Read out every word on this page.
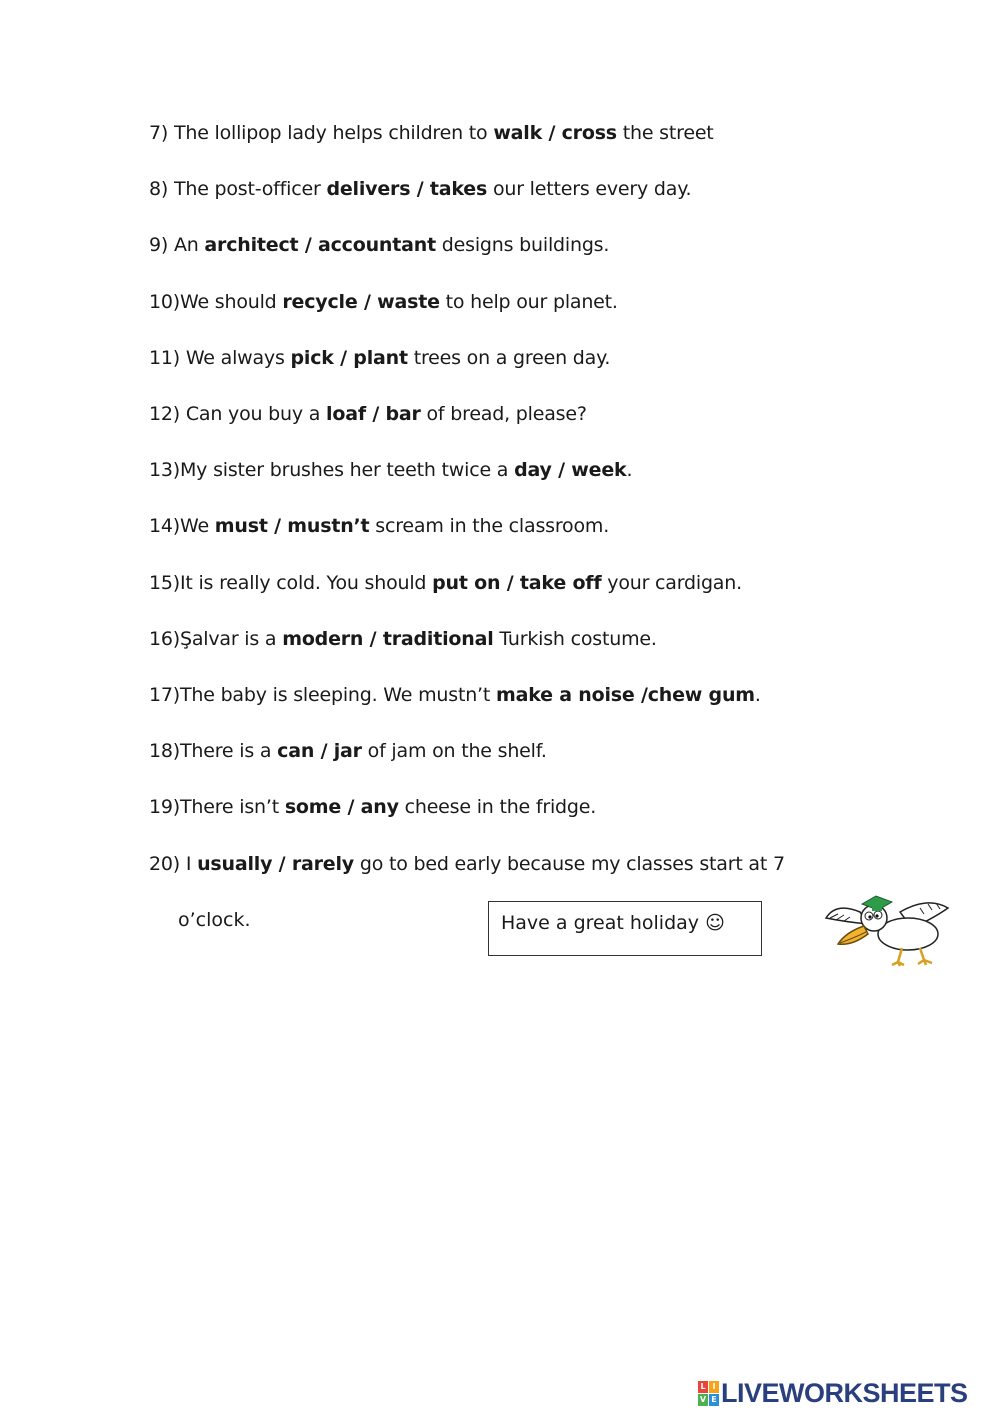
7) The lollipop lady helps children to walk / cross the street

8) The post-officer delivers / takes our letters every day.

9) An architect / accountant designs buildings.

10)We should recycle / waste to help our planet.

11) We always pick / plant trees on a green day.

12) Can you buy a loaf / bar of bread, please?

13)My sister brushes her teeth twice a day / week.

14)We must / mustn’t scream in the classroom.

15)It is really cold. You should put on / take off your cardigan.

16)Şalvar is a modern / traditional Turkish costume.

17)The baby is sleeping. We mustn’t make a noise /chew gum.

18)There is a can / jar of jam on the shelf.

19)There isn’t some / any cheese in the fridge.

20) I usually / rarely go to bed early because my classes start at 7

o’clock.	Have a great holiday ☺
L I
V E LIVEWORKSHEETS
